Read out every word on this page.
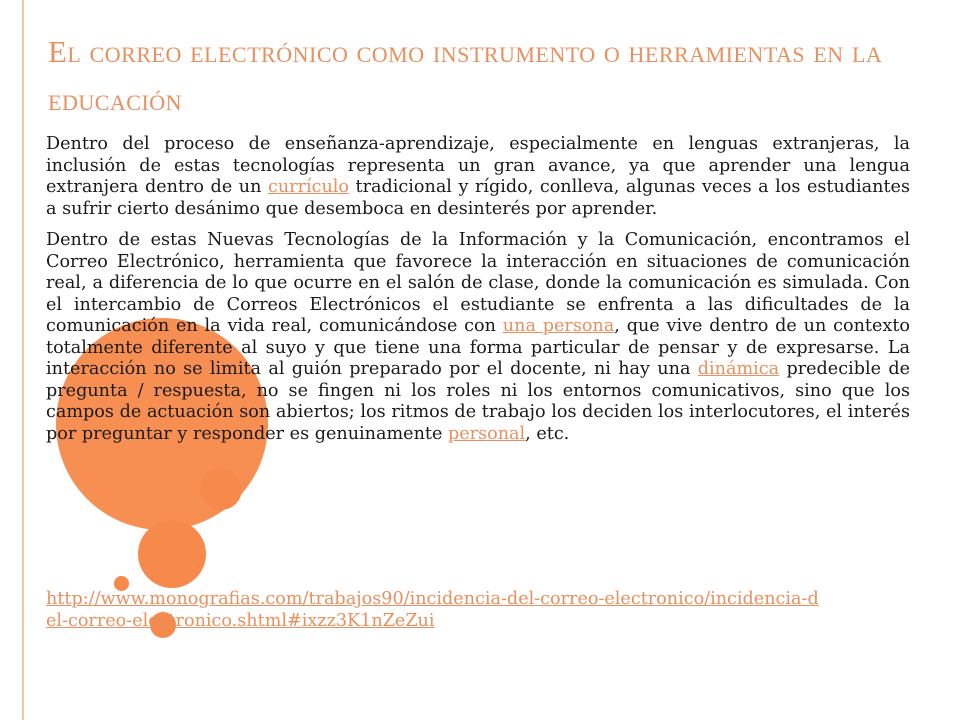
El correo electrónico como instrumento o herramientas en la educación

Dentro del proceso de enseñanza-aprendizaje, especialmente en lenguas extranjeras, la inclusión de estas tecnologías representa un gran avance, ya que aprender una lengua extranjera dentro de un currículo tradicional y rígido, conlleva, algunas veces a los estudiantes a sufrir cierto desánimo que desemboca en desinterés por aprender.

Dentro de estas Nuevas Tecnologías de la Información y la Comunicación, encontramos el Correo Electrónico, herramienta que favorece la interacción en situaciones de comunicación real, a diferencia de lo que ocurre en el salón de clase, donde la comunicación es simulada. Con el intercambio de Correos Electrónicos el estudiante se enfrenta a las dificultades de la comunicación en la vida real, comunicándose con una persona, que vive dentro de un contexto totalmente diferente al suyo y que tiene una forma particular de pensar y de expresarse. La interacción no se limita al guión preparado por el docente, ni hay una dinámica predecible de pregunta / respuesta, no se fingen ni los roles ni los entornos comunicativos, sino que los campos de actuación son abiertos; los ritmos de trabajo los deciden los interlocutores, el interés por preguntar y responder es genuinamente personal, etc.

http://www.monografias.com/trabajos90/incidencia-del-correo-electronico/incidencia-del-correo-electronico.shtml#ixzz3K1nZeZui
